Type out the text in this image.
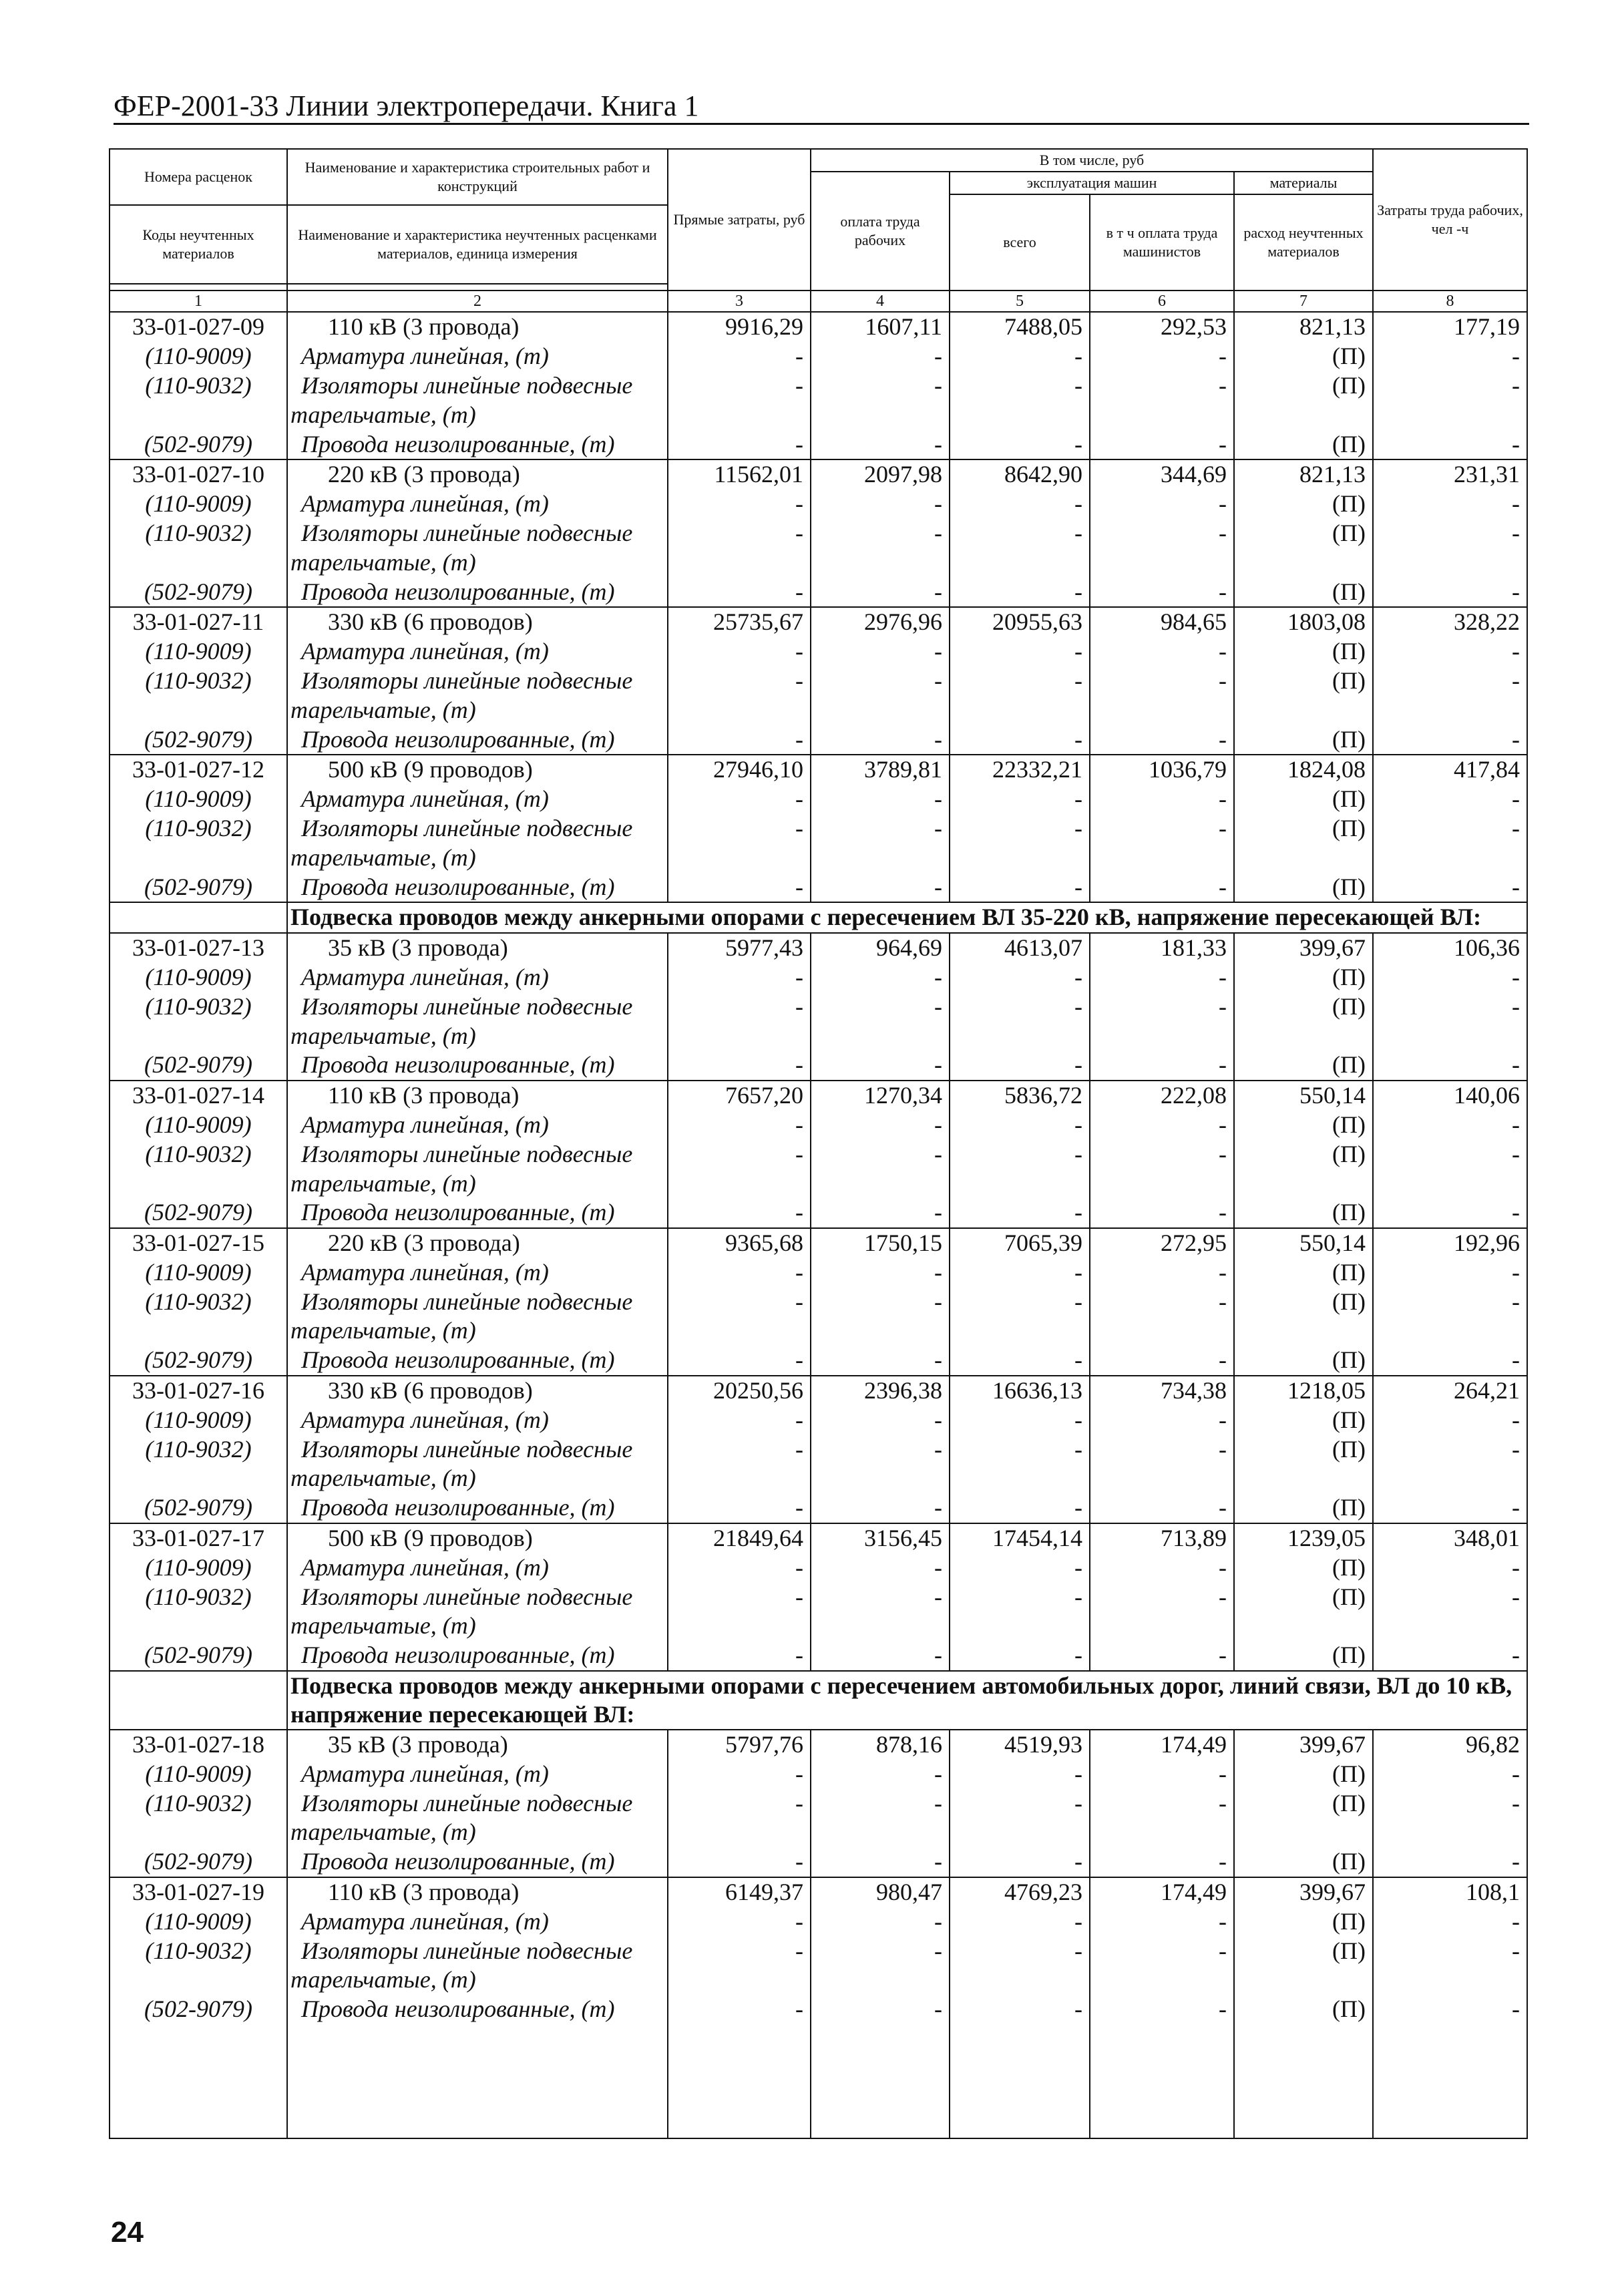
ФЕР-2001-33 Линии электропередачи. Книга 1
Номера расценок	Наименование и характеристика строительных работ и конструкций	Прямые затраты, руб	В том числе, руб				Затраты труда рабочих, чел -ч
			оплата труда рабочих	эксплуатация машин		материалы	
				всего	в т ч оплата труда машинистов	расход неучтенных материалов	
Коды неучтенных материалов	Наименование и характеристика неучтенных расценками материалов, единица измерения						

1	2	3	4	5	6	7	8
33-01-027-09	110 кВ (3 провода)	9916,29	1607,11	7488,05	292,53	821,13	177,19
(110-9009)	Арматура линейная, (т)	-	-	-	-	(П)	-
(110-9032)	Изоляторы линейные подвесные	-	-	-	-	(П)	-
	тарельчатые, (т)						
(502-9079)	Провода неизолированные, (т)	-	-	-	-	(П)	-
33-01-027-10	220 кВ (3 провода)	11562,01	2097,98	8642,90	344,69	821,13	231,31
(110-9009)	Арматура линейная, (т)	-	-	-	-	(П)	-
(110-9032)	Изоляторы линейные подвесные	-	-	-	-	(П)	-
	тарельчатые, (т)						
(502-9079)	Провода неизолированные, (т)	-	-	-	-	(П)	-
33-01-027-11	330 кВ (6 проводов)	25735,67	2976,96	20955,63	984,65	1803,08	328,22
(110-9009)	Арматура линейная, (т)	-	-	-	-	(П)	-
(110-9032)	Изоляторы линейные подвесные	-	-	-	-	(П)	-
	тарельчатые, (т)						
(502-9079)	Провода неизолированные, (т)	-	-	-	-	(П)	-
33-01-027-12	500 кВ (9 проводов)	27946,10	3789,81	22332,21	1036,79	1824,08	417,84
(110-9009)	Арматура линейная, (т)	-	-	-	-	(П)	-
(110-9032)	Изоляторы линейные подвесные	-	-	-	-	(П)	-
	тарельчатые, (т)						
(502-9079)	Провода неизолированные, (т)	-	-	-	-	(П)	-
	Подвеска проводов между анкерными опорами с пересечением ВЛ 35-220 кВ, напряжение пересекающей ВЛ:						
33-01-027-13	35 кВ (3 провода)	5977,43	964,69	4613,07	181,33	399,67	106,36
(110-9009)	Арматура линейная, (т)	-	-	-	-	(П)	-
(110-9032)	Изоляторы линейные подвесные	-	-	-	-	(П)	-
	тарельчатые, (т)						
(502-9079)	Провода неизолированные, (т)	-	-	-	-	(П)	-
33-01-027-14	110 кВ (3 провода)	7657,20	1270,34	5836,72	222,08	550,14	140,06
(110-9009)	Арматура линейная, (т)	-	-	-	-	(П)	-
(110-9032)	Изоляторы линейные подвесные	-	-	-	-	(П)	-
	тарельчатые, (т)						
(502-9079)	Провода неизолированные, (т)	-	-	-	-	(П)	-
33-01-027-15	220 кВ (3 провода)	9365,68	1750,15	7065,39	272,95	550,14	192,96
(110-9009)	Арматура линейная, (т)	-	-	-	-	(П)	-
(110-9032)	Изоляторы линейные подвесные	-	-	-	-	(П)	-
	тарельчатые, (т)						
(502-9079)	Провода неизолированные, (т)	-	-	-	-	(П)	-
33-01-027-16	330 кВ (6 проводов)	20250,56	2396,38	16636,13	734,38	1218,05	264,21
(110-9009)	Арматура линейная, (т)	-	-	-	-	(П)	-
(110-9032)	Изоляторы линейные подвесные	-	-	-	-	(П)	-
	тарельчатые, (т)						
(502-9079)	Провода неизолированные, (т)	-	-	-	-	(П)	-
33-01-027-17	500 кВ (9 проводов)	21849,64	3156,45	17454,14	713,89	1239,05	348,01
(110-9009)	Арматура линейная, (т)	-	-	-	-	(П)	-
(110-9032)	Изоляторы линейные подвесные	-	-	-	-	(П)	-
	тарельчатые, (т)						
(502-9079)	Провода неизолированные, (т)	-	-	-	-	(П)	-
	Подвеска проводов между анкерными опорами с пересечением автомобильных дорог, линий связи, ВЛ до 10 кВ, напряжение пересекающей ВЛ:						
33-01-027-18	35 кВ (3 провода)	5797,76	878,16	4519,93	174,49	399,67	96,82
(110-9009)	Арматура линейная, (т)	-	-	-	-	(П)	-
(110-9032)	Изоляторы линейные подвесные	-	-	-	-	(П)	-
	тарельчатые, (т)						
(502-9079)	Провода неизолированные, (т)	-	-	-	-	(П)	-
33-01-027-19	110 кВ (3 провода)	6149,37	980,47	4769,23	174,49	399,67	108,1
(110-9009)	Арматура линейная, (т)	-	-	-	-	(П)	-
(110-9032)	Изоляторы линейные подвесные	-	-	-	-	(П)	-
	тарельчатые, (т)						
(502-9079)	Провода неизолированные, (т)	-	-	-	-	(П)	-

24
